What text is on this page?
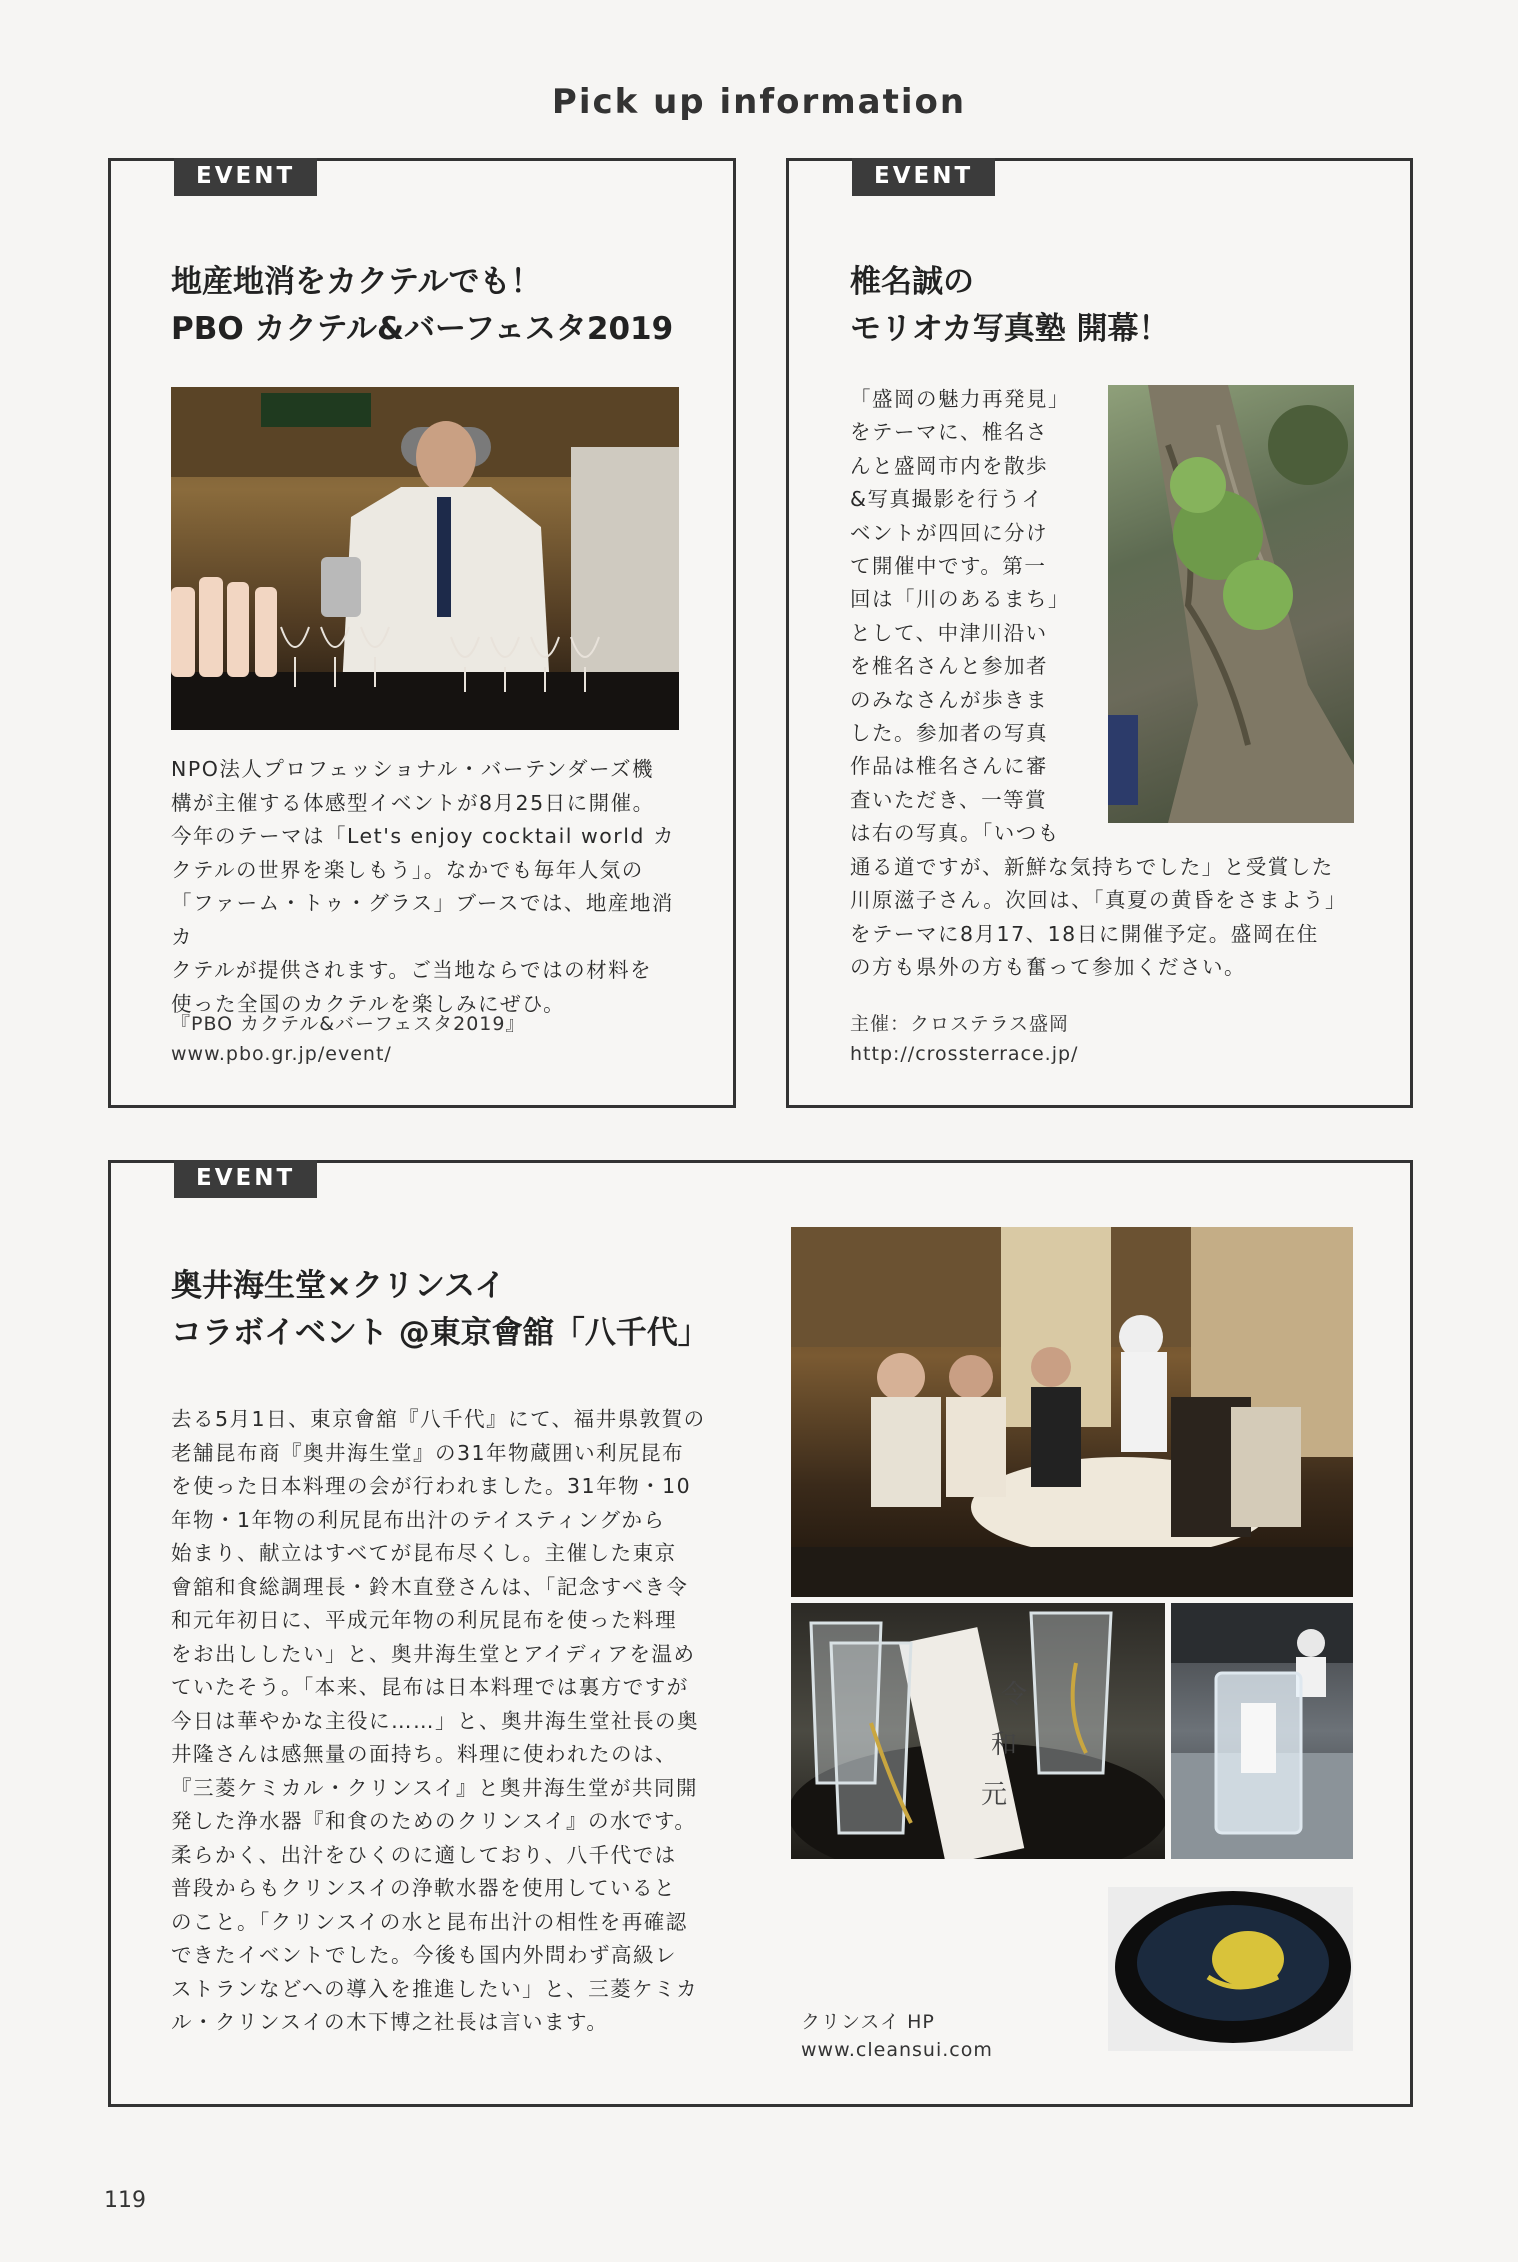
Pick up information
EVENT
地産地消をカクテルでも！
PBO カクテル&バーフェスタ2019
NPO法人プロフェッショナル・バーテンダーズ機
構が主催する体感型イベントが8月25日に開催。
今年のテーマは「Let's enjoy cocktail world カ
クテルの世界を楽しもう」。なかでも毎年人気の
「ファーム・トゥ・グラス」ブースでは、地産地消カ
クテルが提供されます。ご当地ならではの材料を
使った全国のカクテルを楽しみにぜひ。
『PBO カクテル&バーフェスタ2019』
www.pbo.gr.jp/event/
EVENT
椎名誠の
モリオカ写真塾 開幕！
「盛岡の魅力再発見」
をテーマに、椎名さ
んと盛岡市内を散歩
&写真撮影を行うイ
ベントが四回に分け
て開催中です。第一
回は「川のあるまち」
として、中津川沿い
を椎名さんと参加者
のみなさんが歩きま
した。参加者の写真
作品は椎名さんに審
査いただき、一等賞
は右の写真。「いつも
通る道ですが、新鮮な気持ちでした」と受賞した
川原滋子さん。次回は、「真夏の黄昏をさまよう」
をテーマに8月17、18日に開催予定。盛岡在住
の方も県外の方も奮って参加ください。
主催：クロステラス盛岡
http://crossterrace.jp/
EVENT
奥井海生堂×クリンスイ
コラボイベント @東京會舘「八千代」
去る5月1日、東京會舘『八千代』にて、福井県敦賀の
老舗昆布商『奥井海生堂』の31年物蔵囲い利尻昆布
を使った日本料理の会が行われました。31年物・10
年物・1年物の利尻昆布出汁のテイスティングから
始まり、献立はすべてが昆布尽くし。主催した東京
會舘和食総調理長・鈴木直登さんは、「記念すべき令
和元年初日に、平成元年物の利尻昆布を使った料理
をお出ししたい」と、奥井海生堂とアイディアを温め
ていたそう。「本来、昆布は日本料理では裏方ですが
今日は華やかな主役に……」と、奥井海生堂社長の奥
井隆さんは感無量の面持ち。料理に使われたのは、
『三菱ケミカル・クリンスイ』と奥井海生堂が共同開
発した浄水器『和食のためのクリンスイ』の水です。
柔らかく、出汁をひくのに適しており、八千代では
普段からもクリンスイの浄軟水器を使用していると
のこと。「クリンスイの水と昆布出汁の相性を再確認
できたイベントでした。今後も国内外問わず高級レ
ストランなどへの導入を推進したい」と、三菱ケミカ
ル・クリンスイの木下博之社長は言います。
令
和
元
クリンスイ HP
www.cleansui.com
119
